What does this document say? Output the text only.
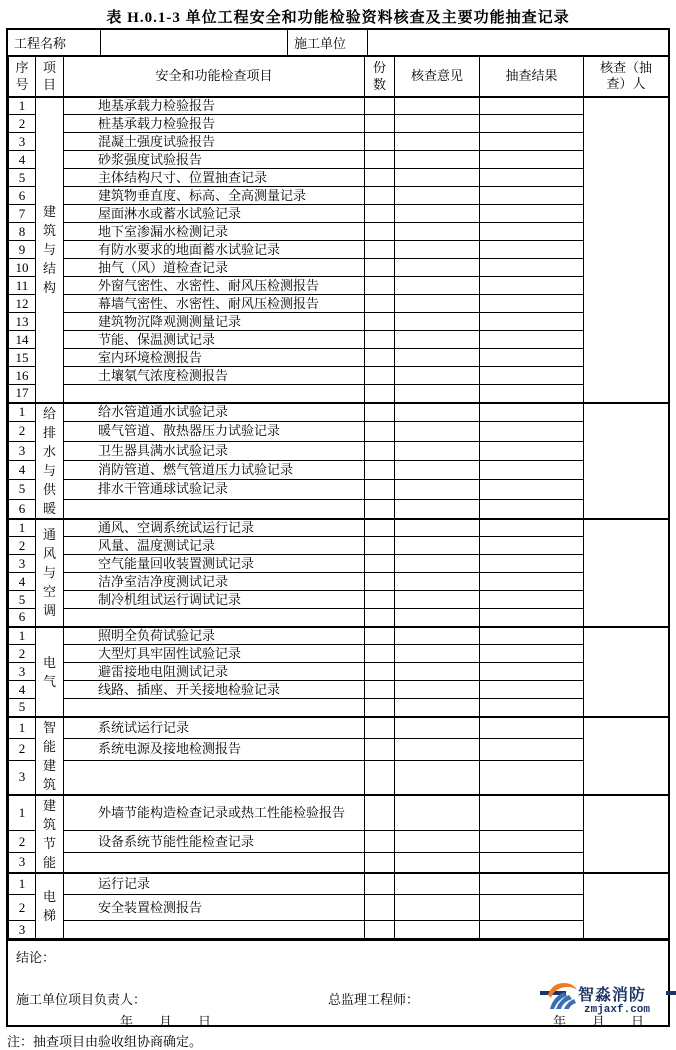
表 H.0.1-3 单位工程安全和功能检验资料核查及主要功能抽查记录
工程名称	施工单位
序号	项目	安全和功能检查项目	份数	核查意见	抽查结果	核查（抽查）人

1	建筑与结构	地基承载力检验报告				
2		桩基承载力检验报告				
3		混凝土强度试验报告				
4		砂浆强度试验报告				
5		主体结构尺寸、位置抽查记录				
6		建筑物垂直度、标高、全高测量记录				
7		屋面淋水或蓄水试验记录				
8		地下室渗漏水检测记录				
9		有防水要求的地面蓄水试验记录				
10		抽气（风）道检查记录				
11		外窗气密性、水密性、耐风压检测报告				
12		幕墙气密性、水密性、耐风压检测报告				
13		建筑物沉降观测测量记录				
14		节能、保温测试记录				
15		室内环境检测报告				
16		土壤氡气浓度检测报告				
17						
1	给排水与供暖	给水管道通水试验记录				
2		暖气管道、散热器压力试验记录				
3		卫生器具满水试验记录				
4		消防管道、燃气管道压力试验记录				
5		排水干管通球试验记录				
6						
1	通风与空调	通风、空调系统试运行记录				
2		风量、温度测试记录				
3		空气能量回收装置测试记录				
4		洁净室洁净度测试记录				
5		制冷机组试运行调试记录				
6						
1	电气	照明全负荷试验记录				
2		大型灯具牢固性试验记录				
3		避雷接地电阻测试记录				
4		线路、插座、开关接地检验记录				
5						
1	智能建筑	系统试运行记录				
2		系统电源及接地检测报告				
3						
1	建筑节能	外墙节能构造检查记录或热工性能检验报告				
2		设备系统节能性能检查记录				
3						
1	电梯	运行记录				
2		安全装置检测报告				
3						
结论：
施工单位项目负责人：	总监理工程师：
年　　月　　日	年　　月　　日
注：抽查项目由验收组协商确定。
智淼消防
zmjaxf.com
